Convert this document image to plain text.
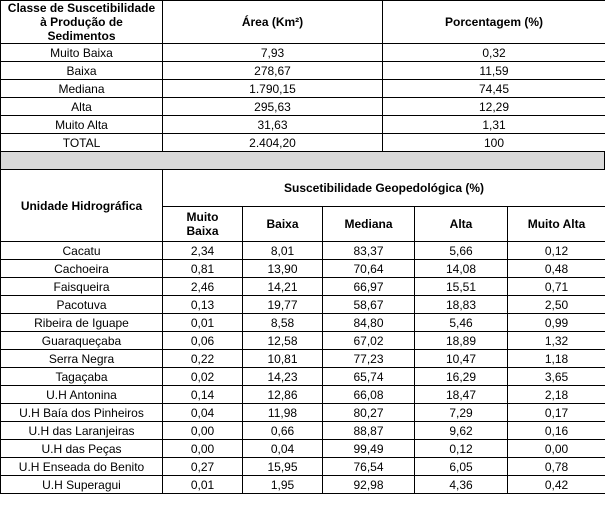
Classe de Suscetibilidade à Produção de Sedimentos	Área (Km²)	Porcentagem (%)
Muito Baixa	7,93	0,32
Baixa	278,67	11,59
Mediana	1.790,15	74,45
Alta	295,63	12,29
Muito Alta	31,63	1,31
TOTAL	2.404,20	100
Unidade Hidrográfica	Suscetibilidade Geopedológica (%)				
	Muito Baixa	Baixa	Mediana	Alta	Muito Alta
Cacatu	2,34	8,01	83,37	5,66	0,12
Cachoeira	0,81	13,90	70,64	14,08	0,48
Faisqueira	2,46	14,21	66,97	15,51	0,71
Pacotuva	0,13	19,77	58,67	18,83	2,50
Ribeira de Iguape	0,01	8,58	84,80	5,46	0,99
Guaraqueçaba	0,06	12,58	67,02	18,89	1,32
Serra Negra	0,22	10,81	77,23	10,47	1,18
Tagaçaba	0,02	14,23	65,74	16,29	3,65
U.H Antonina	0,14	12,86	66,08	18,47	2,18
U.H Baía dos Pinheiros	0,04	11,98	80,27	7,29	0,17
U.H das Laranjeiras	0,00	0,66	88,87	9,62	0,16
U.H das Peças	0,00	0,04	99,49	0,12	0,00
U.H Enseada do Benito	0,27	15,95	76,54	6,05	0,78
U.H Superagui	0,01	1,95	92,98	4,36	0,42
